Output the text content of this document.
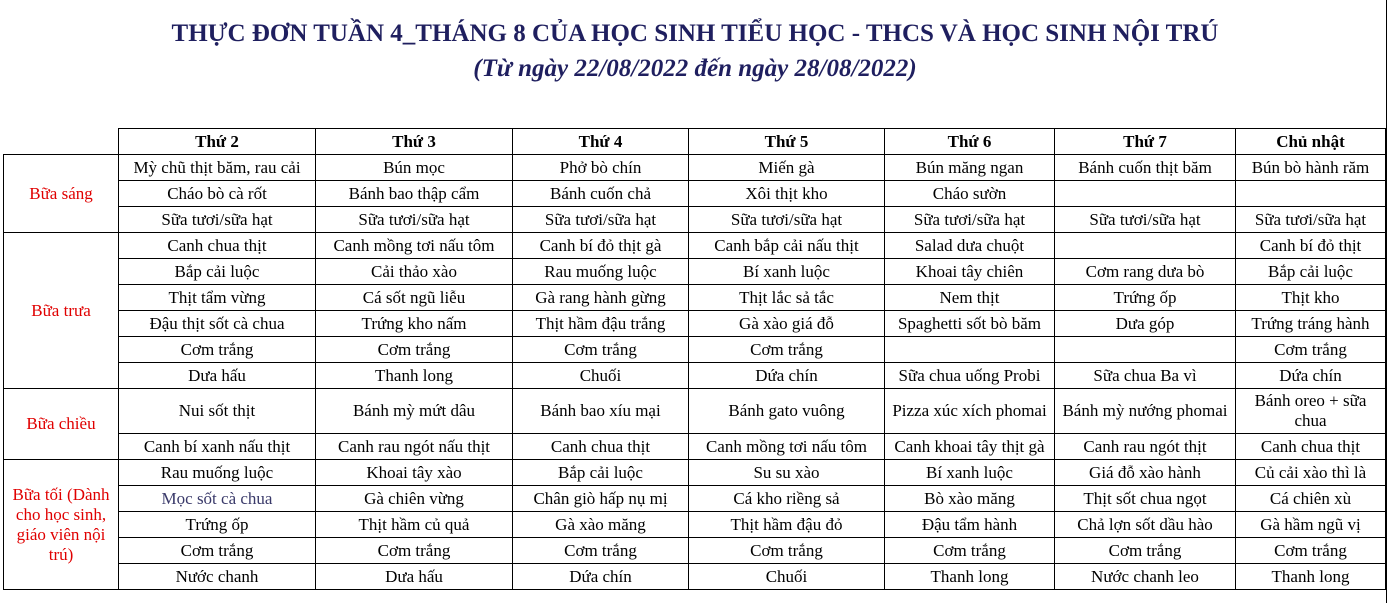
THỰC ĐƠN TUẦN 4_THÁNG 8 CỦA HỌC SINH TIỂU HỌC - THCS VÀ HỌC SINH NỘI TRÚ
(Từ ngày 22/08/2022 đến ngày 28/08/2022)
	Thứ 2	Thứ 3	Thứ 4	Thứ 5	Thứ 6	Thứ 7	Chủ nhật
Bữa sáng	Mỳ chũ thịt băm, rau cải	Bún mọc	Phở bò chín	Miến gà	Bún măng ngan	Bánh cuốn thịt băm	Bún bò hành răm
	Cháo bò cà rốt	Bánh bao thập cẩm	Bánh cuốn chả	Xôi thịt kho	Cháo sườn		
	Sữa tươi/sữa hạt	Sữa tươi/sữa hạt	Sữa tươi/sữa hạt	Sữa tươi/sữa hạt	Sữa tươi/sữa hạt	Sữa tươi/sữa hạt	Sữa tươi/sữa hạt
Bữa trưa	Canh chua thịt	Canh mồng tơi nấu tôm	Canh bí đỏ thịt gà	Canh bắp cải nấu thịt	Salad dưa chuột		Canh bí đỏ thịt
	Bắp cải luộc	Cải thảo xào	Rau muống luộc	Bí xanh luộc	Khoai tây chiên	Cơm rang dưa bò	Bắp cải luộc
	Thịt tẩm vừng	Cá sốt ngũ liễu	Gà rang hành gừng	Thịt lắc sả tắc	Nem thịt	Trứng ốp	Thịt kho
	Đậu thịt sốt cà chua	Trứng kho nấm	Thịt hầm đậu trắng	Gà xào giá đỗ	Spaghetti sốt bò băm	Dưa góp	Trứng tráng hành
	Cơm trắng	Cơm trắng	Cơm trắng	Cơm trắng			Cơm trắng
	Dưa hấu	Thanh long	Chuối	Dứa chín	Sữa chua uống Probi	Sữa chua Ba vì	Dứa chín
Bữa chiều	Nui sốt thịt	Bánh mỳ mứt dâu	Bánh bao xíu mại	Bánh gato vuông	Pizza xúc xích phomai	Bánh mỳ nướng phomai	Bánh oreo + sữa chua
	Canh bí xanh nấu thịt	Canh rau ngót nấu thịt	Canh chua thịt	Canh mồng tơi nấu tôm	Canh khoai tây thịt gà	Canh rau ngót thịt	Canh chua thịt
Bữa tối (Dành cho học sinh, giáo viên nội trú)	Rau muống luộc	Khoai tây xào	Bắp cải luộc	Su su xào	Bí xanh luộc	Giá đỗ xào hành	Củ cải xào thì là
	Mọc sốt cà chua	Gà chiên vừng	Chân giò hấp nụ mị	Cá kho riềng sả	Bò xào măng	Thịt sốt chua ngọt	Cá chiên xù
	Trứng ốp	Thịt hầm củ quả	Gà xào măng	Thịt hầm đậu đỏ	Đậu tẩm hành	Chả lợn sốt dầu hào	Gà hầm ngũ vị
	Cơm trắng	Cơm trắng	Cơm trắng	Cơm trắng	Cơm trắng	Cơm trắng	Cơm trắng
	Nước chanh	Dưa hấu	Dứa chín	Chuối	Thanh long	Nước chanh leo	Thanh long
